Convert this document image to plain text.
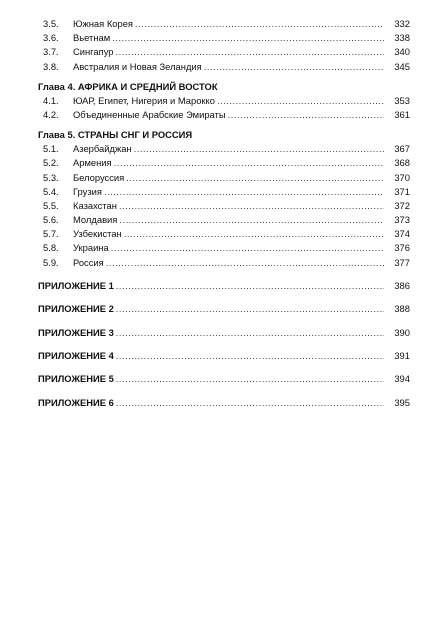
3.5.	Южная Корея .....	332
3.6.	Вьетнам .....	338
3.7.	Сингапур .....	340
3.8.	Австралия и Новая Зеландия .....	345
Глава 4. АФРИКА И СРЕДНИЙ ВОСТОК
4.1.	ЮАР, Египет, Нигерия и Марокко .....	353
4.2.	Объединенные Арабские Эмираты .....	361
Глава 5. СТРАНЫ СНГ И РОССИЯ
5.1.	Азербайджан .....	367
5.2.	Армения .....	368
5.3.	Белоруссия .....	370
5.4.	Грузия .....	371
5.5.	Казахстан .....	372
5.6.	Молдавия .....	373
5.7.	Узбекистан .....	374
5.8.	Украина .....	376
5.9.	Россия .....	377
ПРИЛОЖЕНИЕ 1 .....	386
ПРИЛОЖЕНИЕ 2 .....	388
ПРИЛОЖЕНИЕ 3 .....	390
ПРИЛОЖЕНИЕ 4 .....	391
ПРИЛОЖЕНИЕ 5 .....	394
ПРИЛОЖЕНИЕ 6 .....	395
